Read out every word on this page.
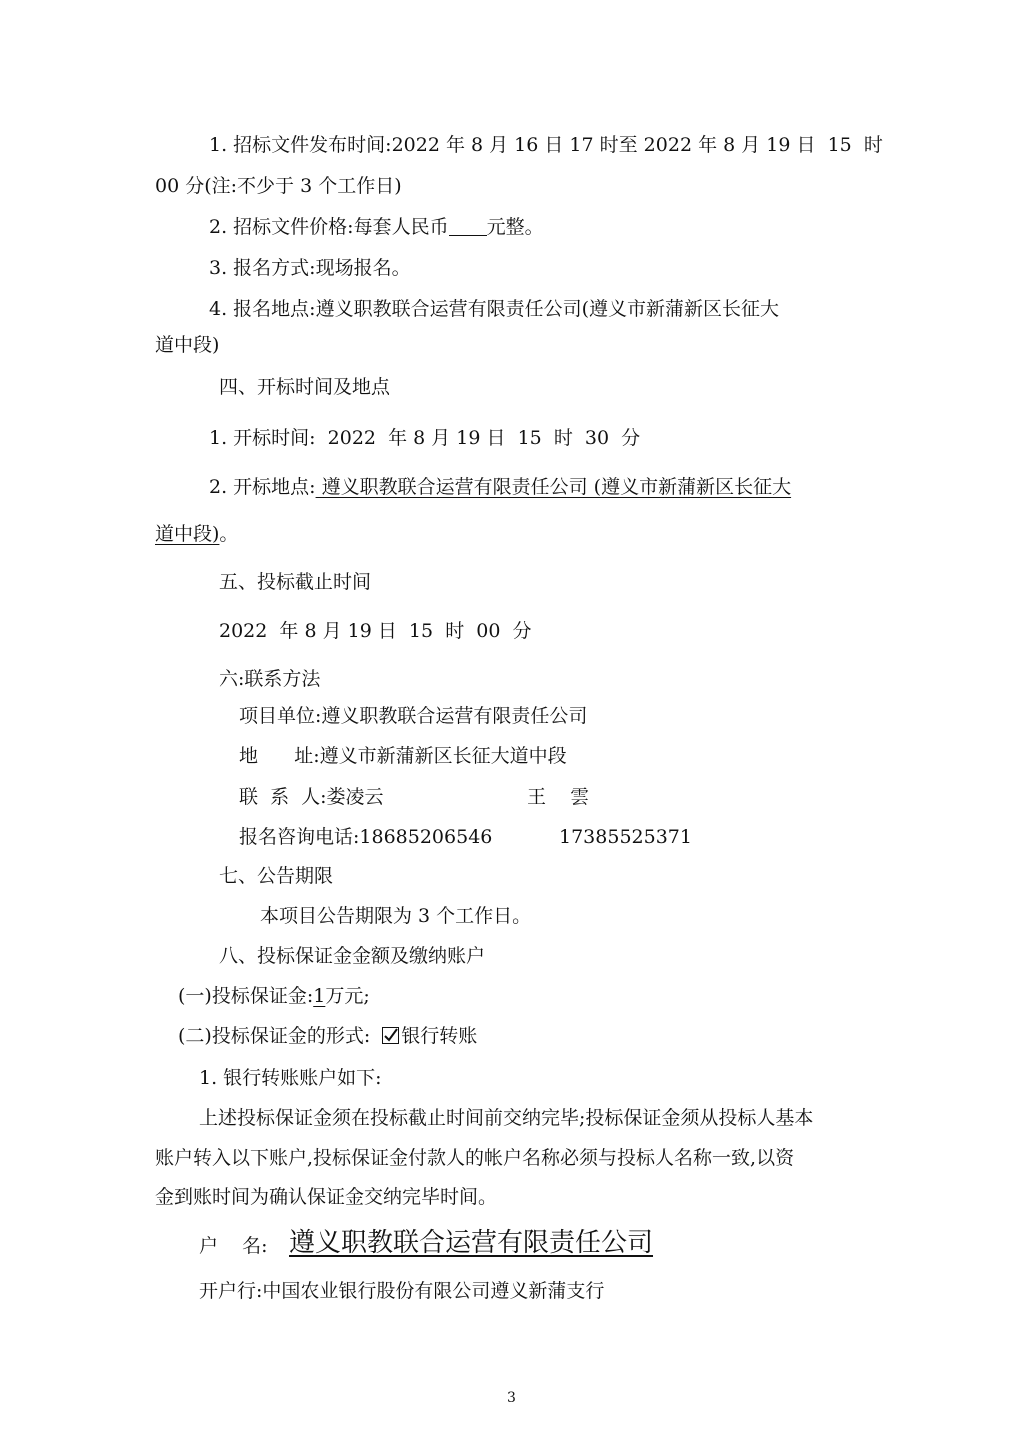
1. 招标文件发布时间:2022 年 8 月 16 日 17 时至 2022 年 8 月 19 日  15  时

00 分(注:不少于 3 个工作日)

2. 招标文件价格:每套人民币 元整。

3. 报名方式:现场报名。

4. 报名地点:遵义职教联合运营有限责任公司(遵义市新蒲新区长征大

道中段)

四、开标时间及地点

1. 开标时间:  2022  年 8 月 19 日  15  时  30  分

2. 开标地点: 遵义职教联合运营有限责任公司 (遵义市新蒲新区长征大

道中段)。

五、投标截止时间

2022  年 8 月 19 日  15  时  00  分

六:联系方法

项目单位:遵义职教联合运营有限责任公司

地      址:遵义市新蒲新区长征大道中段

联  系  人:娄凌云	王    雲

报名咨询电话:18685206546	17385525371

七、公告期限

本项目公告期限为 3 个工作日。

八、投标保证金金额及缴纳账户

(一)投标保证金:1万元;

(二)投标保证金的形式: 银行转账

1. 银行转账账户如下:

上述投标保证金须在投标截止时间前交纳完毕;投标保证金须从投标人基本

账户转入以下账户,投标保证金付款人的帐户名称必须与投标人名称一致,以资

金到账时间为确认保证金交纳完毕时间。

户    名: 遵义职教联合运营有限责任公司

开户行:中国农业银行股份有限公司遵义新蒲支行

3
